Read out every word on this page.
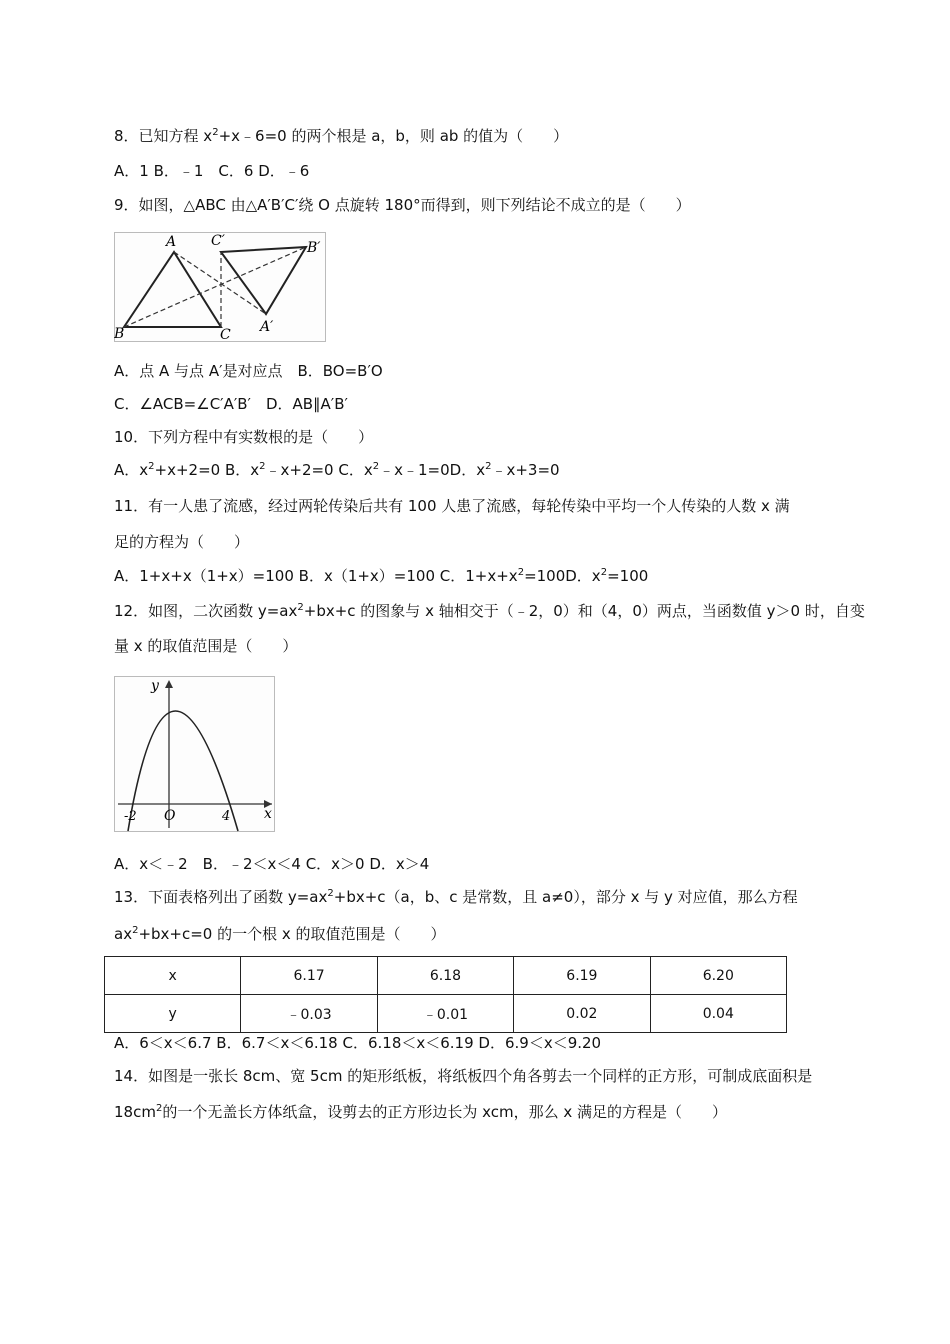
8．已知方程 $x^2+x﹣6=0$ 的两个根是 a，b，则 ab 的值为（　　）
A．1 B．﹣1　C．6 D．﹣6
9．如图，△ABC 由△A′B′C′绕 O 点旋转 180°而得到，则下列结论不成立的是（　　）
A
B	C A′
B′
C′
A．点 A 与点 A′是对应点　B．BO=B′O
C．∠ACB=∠C′A′B′　D．AB∥A′B′
10．下列方程中有实数根的是（　　）
A．$x^2+x+2=0$ B．$x^2﹣x+2=0$ C．$x^2﹣x﹣1=0D$．$x^2﹣x+3=0$
11．有一人患了流感，经过两轮传染后共有 100 人患了流感，每轮传染中平均一个人传染的人数 x 满
足的方程为（　　）
A．1+x+x（1+x）=100 B．x（1+x）=100 C．$1+x+x^2=100D$．$x^2=100$
12．如图，二次函数 $y=ax^2+bx+c$ 的图象与 x 轴相交于（﹣2，0）和（4，0）两点，当函数值 y＞0 时，自变
量 x 的取值范围是（　　）
y
x
O
-2	4
A．x＜﹣2　B．﹣2＜x＜4 C．x＞0 D．x＞4
13．下面表格列出了函数 $y=ax^2+bx+c(a$，b、c 是常数，且 a≠0），部分 x 与 y 对应值，那么方程
$ax^2+bx+c=0$ 的一个根 x 的取值范围是（　　）
x	6.17	6.18	6.19	6.20
y	﹣0.03	﹣0.01	0.02	0.04
A．6＜x＜6.7 B．6.7＜x＜6.18 C．6.18＜x＜6.19 D．6.9＜x＜9.20
14．如图是一张长 8cm、宽 5cm 的矩形纸板，将纸板四个角各剪去一个同样的正方形，可制成底面积是
$18cm^2$的一个无盖长方体纸盒，设剪去的正方形边长为 xcm，那么 x 满足的方程是（　　）
